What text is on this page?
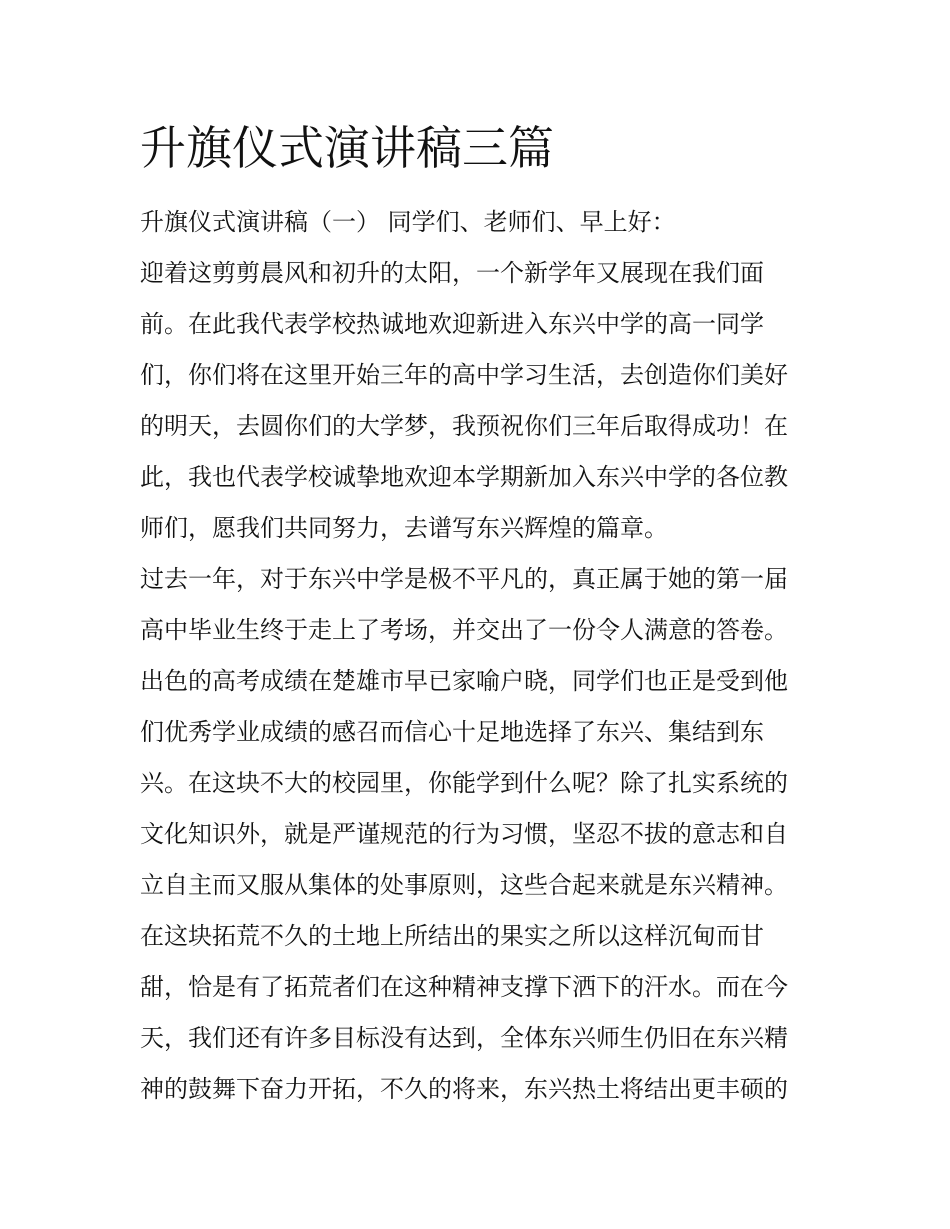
升旗仪式演讲稿三篇
升旗仪式演讲稿（一） 同学们、老师们、早上好：
迎着这剪剪晨风和初升的太阳，一个新学年又展现在我们面
前。在此我代表学校热诚地欢迎新进入东兴中学的高一同学
们，你们将在这里开始三年的高中学习生活，去创造你们美好
的明天，去圆你们的大学梦，我预祝你们三年后取得成功！在
此，我也代表学校诚挚地欢迎本学期新加入东兴中学的各位教
师们，愿我们共同努力，去谱写东兴辉煌的篇章。
过去一年，对于东兴中学是极不平凡的，真正属于她的第一届
高中毕业生终于走上了考场，并交出了一份令人满意的答卷。
出色的高考成绩在楚雄市早已家喻户晓，同学们也正是受到他
们优秀学业成绩的感召而信心十足地选择了东兴、集结到东
兴。在这块不大的校园里，你能学到什么呢？除了扎实系统的
文化知识外，就是严谨规范的行为习惯，坚忍不拔的意志和自
立自主而又服从集体的处事原则，这些合起来就是东兴精神。
在这块拓荒不久的土地上所结出的果实之所以这样沉甸而甘
甜，恰是有了拓荒者们在这种精神支撑下洒下的汗水。而在今
天，我们还有许多目标没有达到，全体东兴师生仍旧在东兴精
神的鼓舞下奋力开拓，不久的将来，东兴热土将结出更丰硕的
